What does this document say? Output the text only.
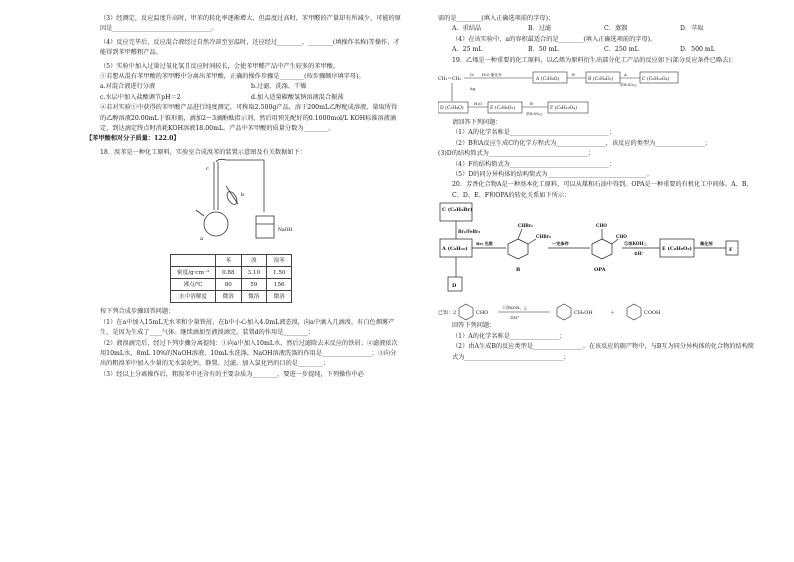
（3）经测定，反应温度升高时，甲苯的转化率逐渐增大，但温度过高时，苯甲醛的产量却有所减少，可能的原因是________________________________。
（4）反应完毕后，反应混合液经过自然冷却至室温时，还应经过________、________(填操作名称)等操作，才能得到苯甲醛粗产品。
（5）实验中加入过量过氧化氢且反应时间较长，会使苯甲醛产品中产生较多的苯甲酸。
①若想从混有苯甲酸的苯甲醛中分离出苯甲酸，正确的操作步骤是________(按步骤顺序填字母)。
a.对混合液进行分液	b.过滤、洗涤、干燥
c.水层中加入盐酸调节pH＝2	d.加入适量碳酸氢钠溶液混合振荡
②若对实验①中获得的苯甲酸产品进行纯度测定，可称取2.500g产品，溶于200mL乙醇配成溶液，量取所得的乙醇溶液20.00mL于锥形瓶，滴加2～3滴酚酞指示剂，然后用预先配好的0.1000mol/L KOH标准溶液滴定，到达滴定终点时消耗KOH溶液18.00mL。产品中苯甲酸的质量分数为________。
【苯甲酸相对分子质量：122.0】
18．溴苯是一种化工原料，实验室合成溴苯的装置示意图及有关数据如下：
c
b
a
NaOH
	苯	溴	溴苯
密度/g·cm⁻³	0.88	3.10	1.50
沸点/℃	80	59	156
水中溶解度	微溶	微溶	微溶
按下列合成步骤回答问题：
（1）在a中加入15mL无水苯和少量铁屑，在b中小心加入4.0mL液态溴，向a中滴入几滴溴，有白色烟雾产生，是因为生成了____气体。继续滴加至液溴滴完。装置d的作用是________；
（2）液溴滴完后，经过下列步骤分离提纯：①向a中加入10mL水，然后过滤除去未反应的铁屑；②滤液依次用10mL水、8mL 10%的NaOH溶液、10mL水洗涤。NaOH溶液洗涤的作用是________________；③向分出的粗溴苯中加入少量的无水氯化钙，静置、过滤。加入氯化钙的目的是________；
（3）经以上分离操作后，粗溴苯中还含有的主要杂质为________，要进一步提纯，下列操作中必
需的是________(填入正确选项前的字母)；
A．重结晶	B．过滤	C．蒸馏	D．萃取
（4）在该实验中，a的容积最适合的是________(填入正确选项前的字母)。
A．25 mL	B．50 mL	C．250 mL	D．500 mL
19．乙烯是一种重要的化工原料，以乙烯为原料衍生出部分化工产品的反应如下(部分反应条件已略去)：
CH₂＝CH₂
O₂
Ag
H₂O 催化剂
A (C₂H₆O)
B
B (C₂H₄O₂)
A
浓H₂SO₄△
C (C₆H₁₀O₄)
D (C₂H₄O)
H₂O
E (C₂H₆O₂)
B
浓H₂SO₄△
F (C₆H₁₀O₄)
请回答下列问题：
（1）A的化学名称是________________________________；
（2）B和A反应生成C的化学方程式为________________，该反应的类型为________________；
(3)D的结构简式为________________________________；
（4）F的结构简式为________________________________；
（5）D的同分异构体的结构简式为________________________________。
20．芳香化合物A是一种基本化工原料，可以从煤和石油中得到。OPA是一种重要的有机化工中间体。A、B、C、D、E、F和OPA的转化关系如下所示：
C (C₈H₉Br)
Br₂/FeBr₃
A (C₈H₁₀)
Br₂ 光照
D
CHBr₂
CHBr₂
B
一定条件
CHO
CHO
OPA
①浓KOH△
②H⁺
E (C₈H₈O₃)
催化剂
F
已知：2	CHO
①浓KOH，△
②H⁺
CH₂OH	＋	COOH
回答下列问题：
（1）A的化学名称是________________；
（2）由A生成B的反应类型是________________。在该反应的副产物中，与B互为同分异构体的化合物的结构简式为________________________________；
